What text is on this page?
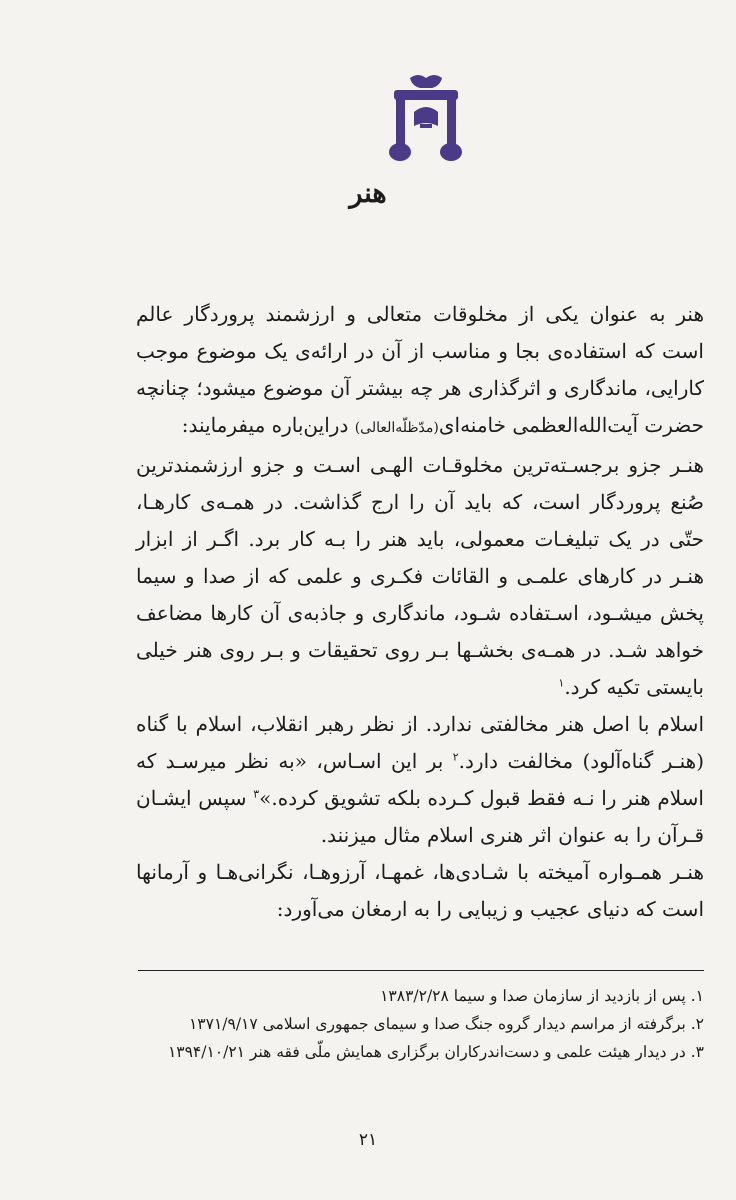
هنر

هنر به عنوان یکی از مخلوقات متعالی و ارزشمند پروردگار عالم است که استفاده‌ی بجا و مناسب از آن در ارائه‌ی یک موضوع موجب کارایی، ماندگاری و اثرگذاری هر چه بیشتر آن موضوع میشود؛ چنانچه حضرت آیت‌الله‌العظمی خامنه‌ای(مدّظلّه‌العالی) دراین‌باره میفرمایند:

هنـر جزو برجسـته‌ترین مخلوقـات الهـی اسـت و جزو ارزشمندترین صُنع پروردگار است، که باید آن را ارج گذاشت. در همـه‌ی کارهـا، حتّی در یک تبلیغـات معمولی، باید هنر را بـه کار برد. اگـر از ابزار هنـر در کارهای علمـی و القائات فکـری و علمی که از صدا و سیما پخش میشـود، اسـتفاده شـود، ماندگاری و جاذبه‌ی آن کارها مضاعف خواهد شـد. در همـه‌ی بخشـها بـر روی تحقیقات و بـر روی هنر خیلی بایستی تکیه کرد.$^۱$

اسلام با اصل هنر مخالفتی ندارد. از نظر رهبر انقلاب، اسلام با گناه (هنـر گناه‌آلود) مخالفت دارد.$^۲$ بر این اسـاس، «به نظر میرسـد که اسلام هنر را نـه فقط قبول کـرده بلکه تشویق کرده.»$^۳$ سپس ایشـان قـرآن را به عنوان اثر هنری اسلام مثال میزنند.

هنـر همـواره آمیخته با شـادی‌ها، غمهـا، آرزوهـا، نگرانی‌هـا و آرمانها است که دنیای عجیب و زیبایی را به ارمغان می‌آورد:

۱. پس از بازدید از سازمان صدا و سیما ۱۳۸۳/۲/۲۸
۲. برگرفته از مراسم دیدار گروه جنگ صدا و سیمای جمهوری اسلامی ۱۳۷۱/۹/۱۷
۳. در دیدار هیئت علمی و دست‌اندرکاران برگزاری همایش ملّی فقه هنر ۱۳۹۴/۱۰/۲۱
۲۱
